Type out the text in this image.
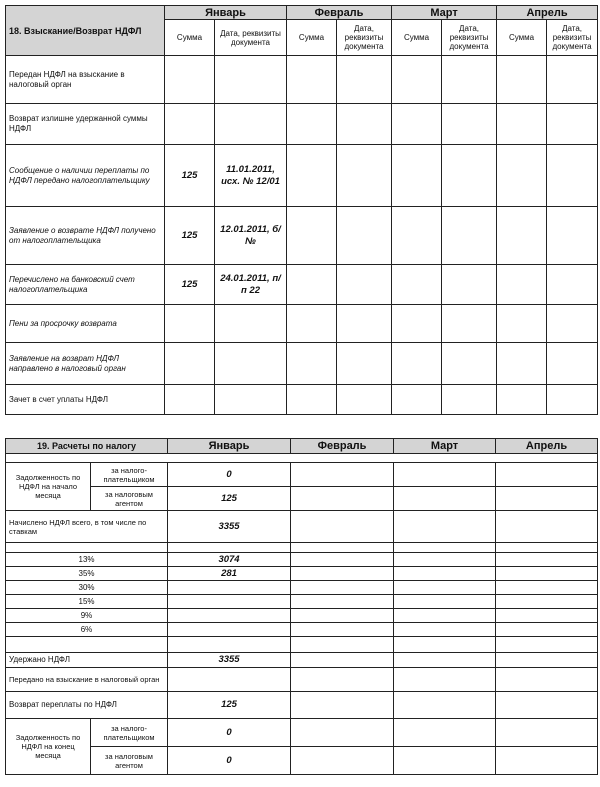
18. Взыскание/Возврат НДФЛ	Январь		Февраль		Март		Апрель	
	Сумма	Дата, реквизиты документа	Сумма	Дата, реквизиты документа	Сумма	Дата, реквизиты документа	Сумма	Дата, реквизиты документа
Передан НДФЛ на взыскание в налоговый орган								
Возврат излишне удержанной суммы НДФЛ								
Сообщение о наличии переплаты по НДФЛ передано налогоплательщику	125	11.01.2011, исх. № 12/01						
Заявление о возврате НДФЛ получено от налогоплательщика	125	12.01.2011, б/№						
Перечислено на банковский счет налогоплательщика	125	24.01.2011, п/п 22						
Пени за просрочку возврата								
Заявление на возврат НДФЛ направлено в налоговый орган								
Зачет в счет уплаты НДФЛ								
19. Расчеты по налогу		Январь	Февраль	Март	Апрель

Задолженность по НДФЛ на начало месяца	за налого-плательщиком	0			
	за налоговым агентом	125			
Начислено НДФЛ всего, в том числе по ставкам		3355			

13%		3074			
35%		281			
30%					
15%					
9%					
6%					

Удержано НДФЛ		3355			
Передано на взыскание в налоговый орган					
Возврат переплаты по НДФЛ		125			
Задолженность по НДФЛ на конец месяца	за налого-плательщиком	0			
	за налоговым агентом	0			
